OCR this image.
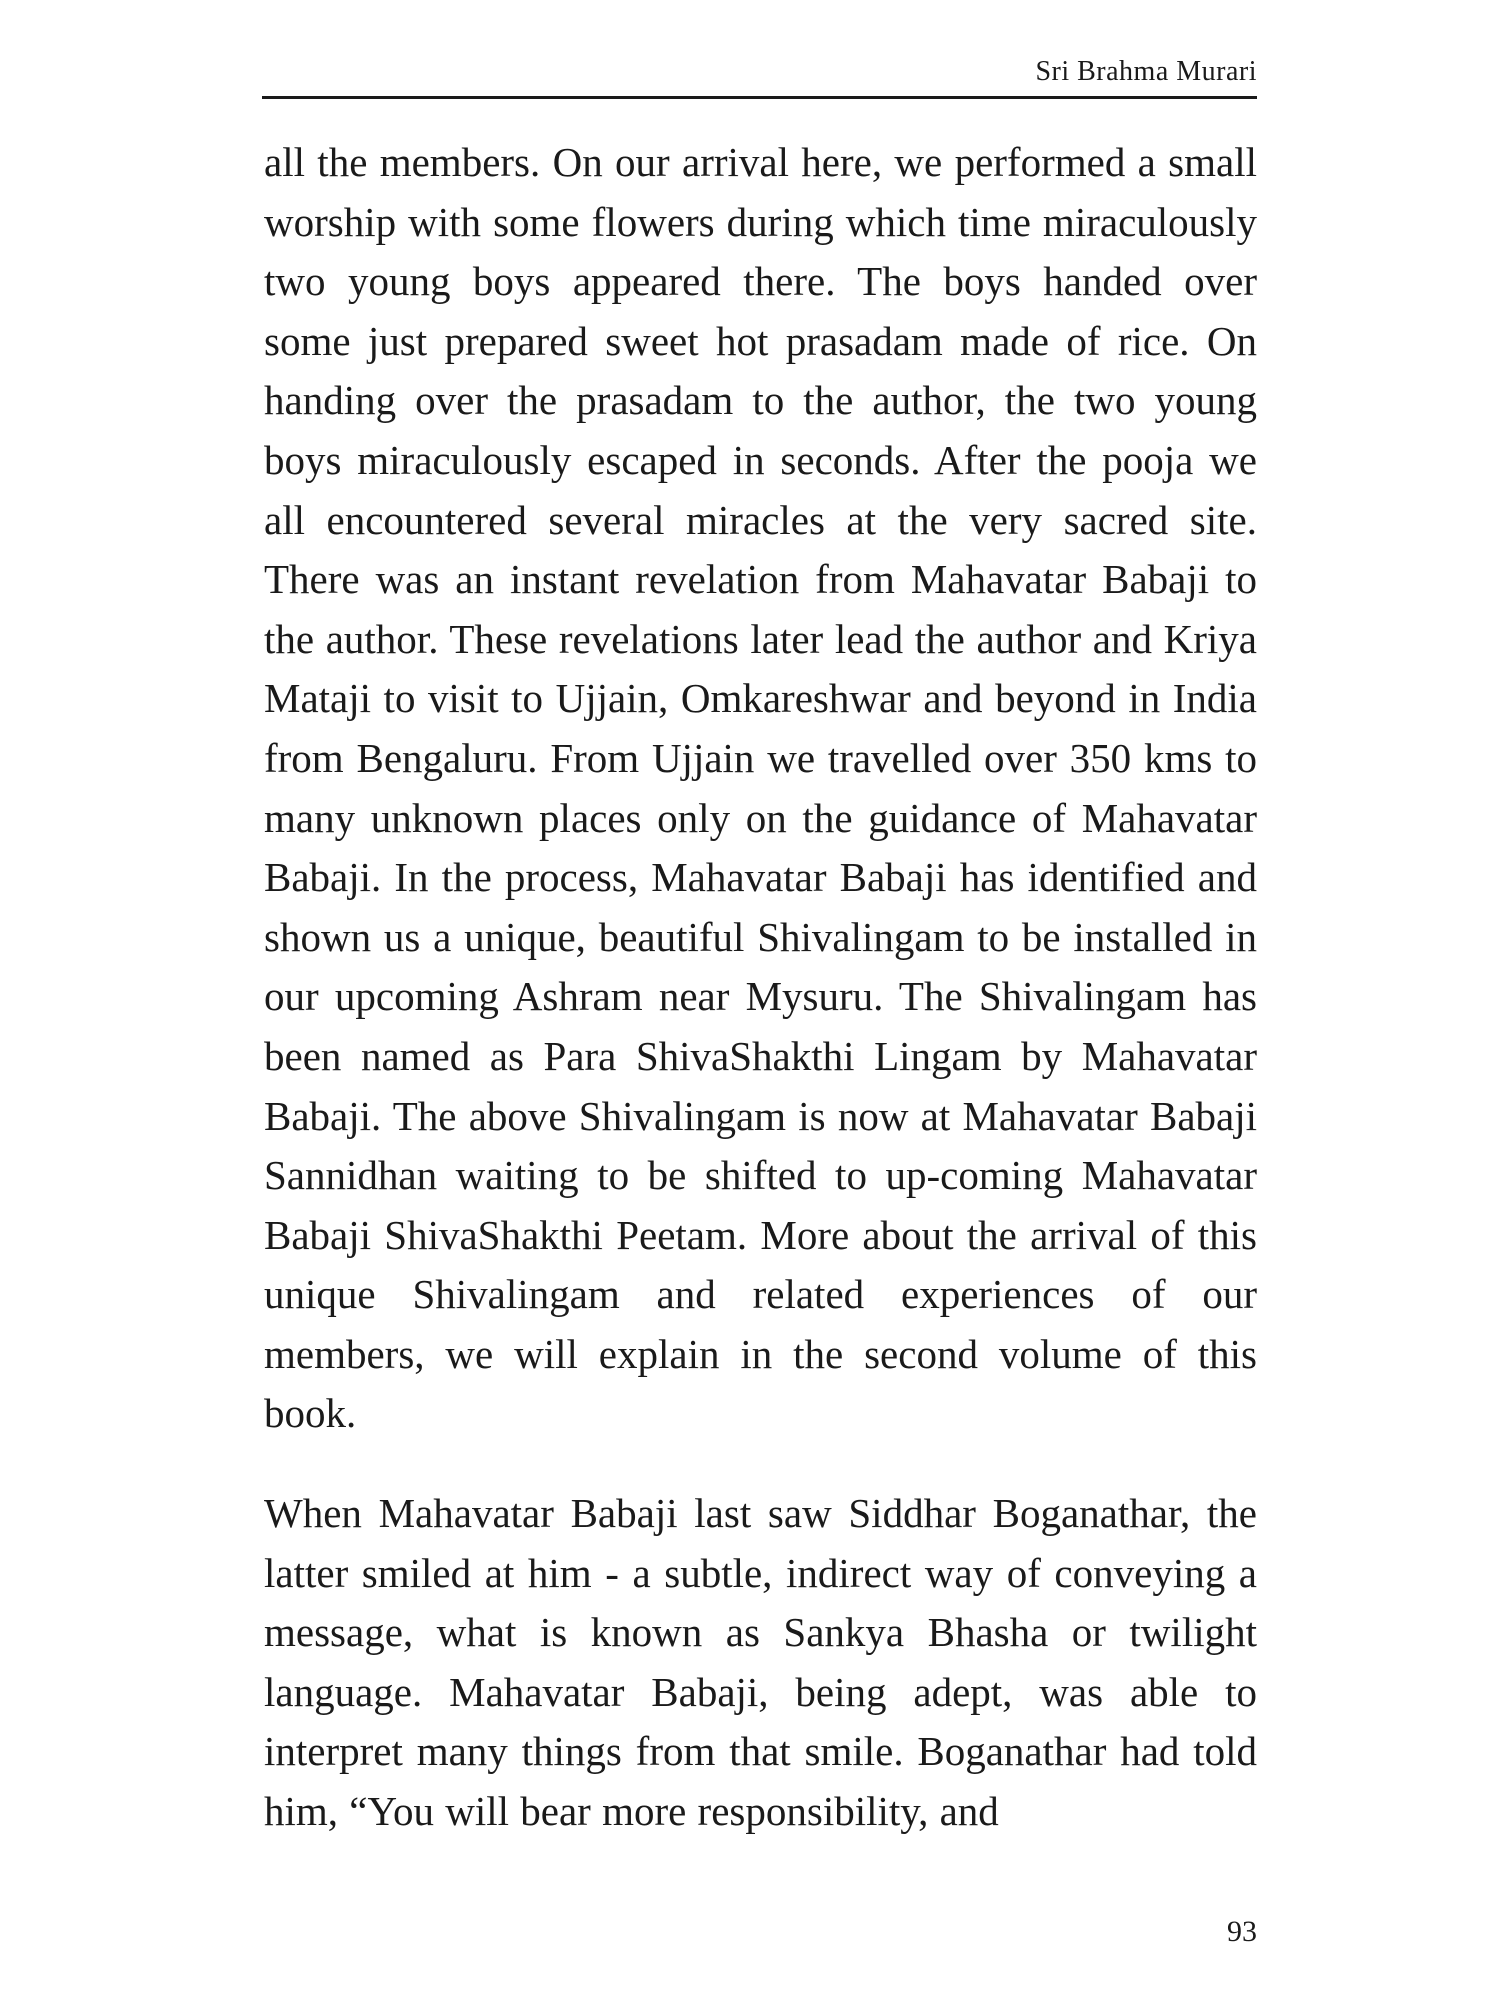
Sri Brahma Murari

all the members. On our arrival here, we performed a small worship with some flowers during which time miraculously two young boys appeared there. The boys handed over some just prepared sweet hot prasadam made of rice. On handing over the prasadam to the author, the two young boys miraculously escaped in seconds. After the pooja we all encountered several miracles at the very sacred site. There was an instant revelation from Mahavatar Babaji to the author. These revelations later lead the author and Kriya Mataji to visit to Ujjain, Omkareshwar and beyond in India from Bengaluru. From Ujjain we travelled over 350 kms to many unknown places only on the guidance of Mahavatar Babaji. In the process, Mahavatar Babaji has identified and shown us a unique, beautiful Shivalingam to be installed in our upcoming Ashram near Mysuru. The Shivalingam has been named as Para ShivaShakthi Lingam by Mahavatar Babaji. The above Shivalingam is now at Mahavatar Babaji Sannidhan waiting to be shifted to up-coming Mahavatar Babaji ShivaShakthi Peetam. More about the arrival of this unique Shivalingam and related experiences of our members, we will explain in the second volume of this book.

When Mahavatar Babaji last saw Siddhar Boganathar, the latter smiled at him - a subtle, indirect way of conveying a message, what is known as Sankya Bhasha or twilight language. Mahavatar Babaji, being adept, was able to interpret many things from that smile. Boganathar had told him, “You will bear more responsibility, and

93
